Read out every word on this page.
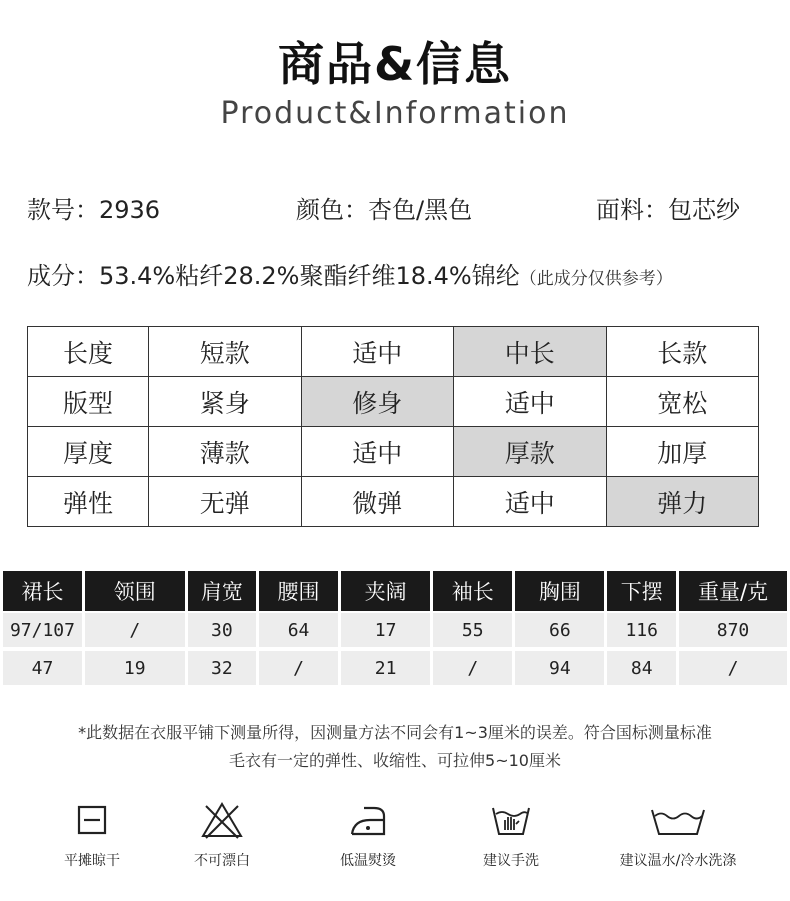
商品&信息
Product&Information
款号：2936	颜色：杏色/黑色	面料：包芯纱
成分：53.4%粘纤28.2%聚酯纤维18.4%锦纶（此成分仅供参考）
长度	短款	适中	中长	长款
版型	紧身	修身	适中	宽松
厚度	薄款	适中	厚款	加厚
弹性	无弹	微弹	适中	弹力
裙长	领围	肩宽	腰围	夹阔	袖长	胸围	下摆	重量/克
97/107	/	30	64	17	55	66	116	870
47	19	32	/	21	/	94	84	/
*此数据在衣服平铺下测量所得，因测量方法不同会有1~3厘米的误差。符合国标测量标准
毛衣有一定的弹性、收缩性、可拉伸5~10厘米
平摊晾干	不可漂白	低温熨烫	建议手洗	建议温水/冷水洗涤
